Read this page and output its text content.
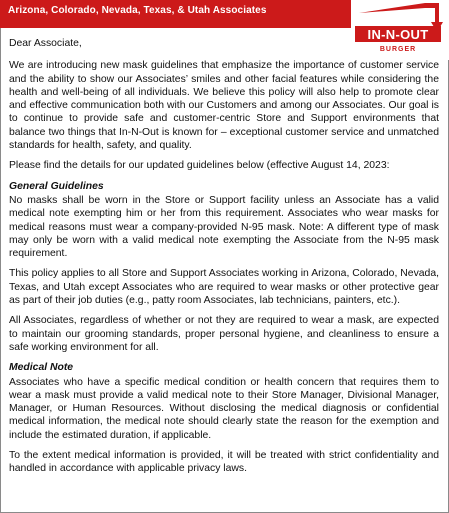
Arizona, Colorado, Nevada, Texas, & Utah Associates
IN-N-OUT
BURGER

Dear Associate,

We are introducing new mask guidelines that emphasize the importance of customer service and the ability to show our Associates’ smiles and other facial features while considering the health and well-being of all individuals. We believe this policy will also help to promote clear and effective communication both with our Customers and among our Associates. Our goal is to continue to provide safe and customer-centric Store and Support environments that balance two things that In-N-Out is known for – exceptional customer service and unmatched standards for health, safety, and quality.

Please find the details for our updated guidelines below (effective August 14, 2023:

General Guidelines

No masks shall be worn in the Store or Support facility unless an Associate has a valid medical note exempting him or her from this requirement. Associates who wear masks for medical reasons must wear a company-provided N-95 mask. Note: A different type of mask may only be worn with a valid medical note exempting the Associate from the N-95 mask requirement.

This policy applies to all Store and Support Associates working in Arizona, Colorado, Nevada, Texas, and Utah except Associates who are required to wear masks or other protective gear as part of their job duties (e.g., patty room Associates, lab technicians, painters, etc.).

All Associates, regardless of whether or not they are required to wear a mask, are expected to maintain our grooming standards, proper personal hygiene, and cleanliness to ensure a safe working environment for all.

Medical Note

Associates who have a specific medical condition or health concern that requires them to wear a mask must provide a valid medical note to their Store Manager, Divisional Manager, Manager, or Human Resources. Without disclosing the medical diagnosis or confidential medical information, the medical note should clearly state the reason for the exemption and include the estimated duration, if applicable.

To the extent medical information is provided, it will be treated with strict confidentiality and handled in accordance with applicable privacy laws.
